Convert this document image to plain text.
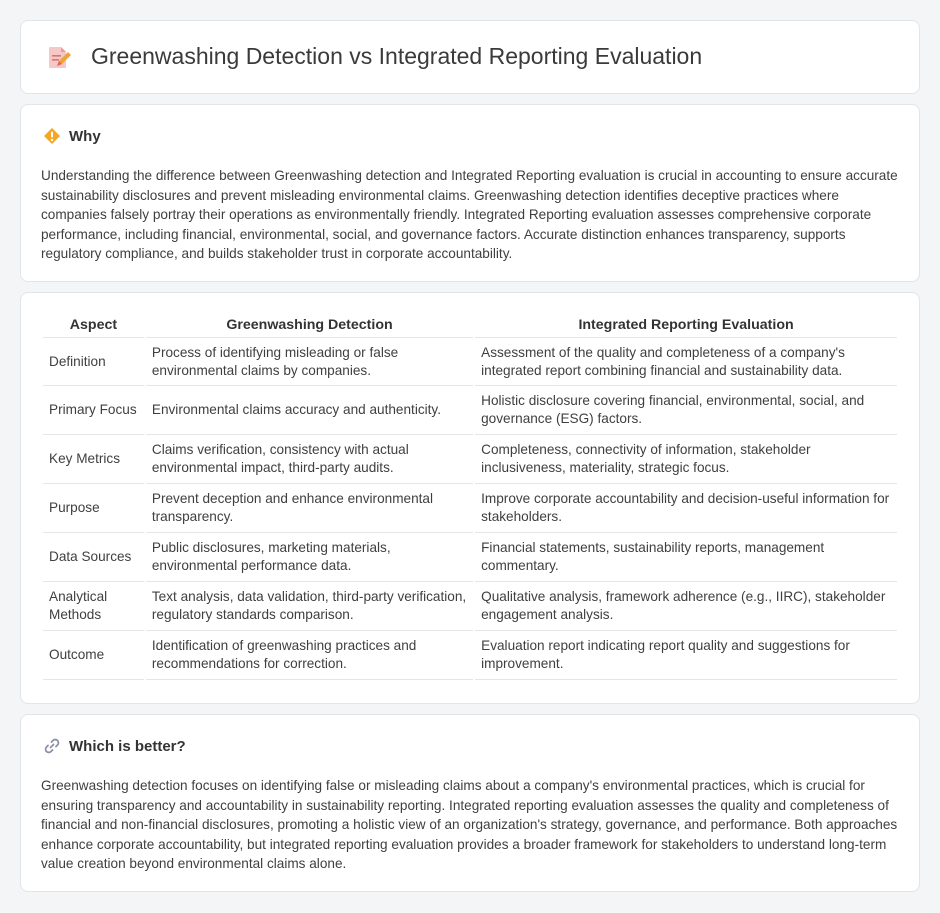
Greenwashing Detection vs Integrated Reporting Evaluation
Why

Understanding the difference between Greenwashing detection and Integrated Reporting evaluation is crucial in accounting to ensure accurate sustainability disclosures and prevent misleading environmental claims. Greenwashing detection identifies deceptive practices where companies falsely portray their operations as environmentally friendly. Integrated Reporting evaluation assesses comprehensive corporate performance, including financial, environmental, social, and governance factors. Accurate distinction enhances transparency, supports regulatory compliance, and builds stakeholder trust in corporate accountability.

Aspect	Greenwashing Detection	Integrated Reporting Evaluation
Definition	Process of identifying misleading or false environmental claims by companies.	Assessment of the quality and completeness of a company's integrated report combining financial and sustainability data.
Primary Focus	Environmental claims accuracy and authenticity.	Holistic disclosure covering financial, environmental, social, and governance (ESG) factors.
Key Metrics	Claims verification, consistency with actual environmental impact, third-party audits.	Completeness, connectivity of information, stakeholder inclusiveness, materiality, strategic focus.
Purpose	Prevent deception and enhance environmental transparency.	Improve corporate accountability and decision-useful information for stakeholders.
Data Sources	Public disclosures, marketing materials, environmental performance data.	Financial statements, sustainability reports, management commentary.
Analytical Methods	Text analysis, data validation, third-party verification, regulatory standards comparison.	Qualitative analysis, framework adherence (e.g., IIRC), stakeholder engagement analysis.
Outcome	Identification of greenwashing practices and recommendations for correction.	Evaluation report indicating report quality and suggestions for improvement.
Which is better?

Greenwashing detection focuses on identifying false or misleading claims about a company's environmental practices, which is crucial for ensuring transparency and accountability in sustainability reporting. Integrated reporting evaluation assesses the quality and completeness of financial and non-financial disclosures, promoting a holistic view of an organization's strategy, governance, and performance. Both approaches enhance corporate accountability, but integrated reporting evaluation provides a broader framework for stakeholders to understand long-term value creation beyond environmental claims alone.
